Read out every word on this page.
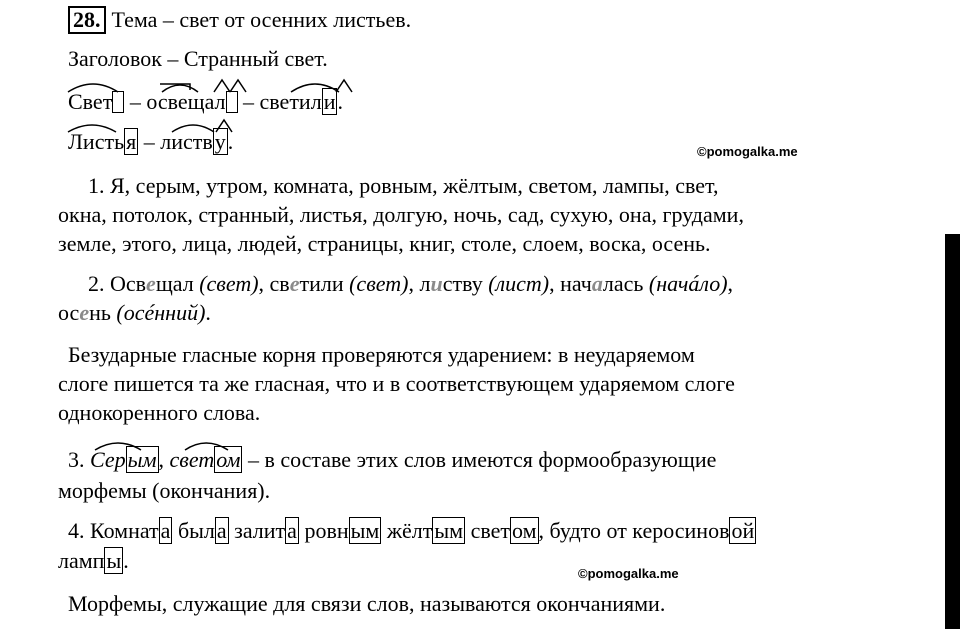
28. Тема – свет от осенних листьев.
Заголовок – Странный свет.
Свет – освещал – светили.
Листья – листву.	©pomogalka.me
1. Я, серым, утром, комната, ровным, жёлтым, светом, лампы, свет,
окна, потолок, странный, листья, долгую, ночь, сад, сухую, она, грудами,
земле, этого, лица, людей, страницы, книг, столе, слоем, воска, осень.
2. Освещал (свет), светили (свет), листву (лист), началась (начáло),
осень (осéнний).
Безударные гласные корня проверяются ударением: в неударяемом
слоге пишется та же гласная, что и в соответствующем ударяемом слоге
однокоренного слова.
3. Серым, светом – в составе этих слов имеются формообразующие
морфемы (окончания).
4. Комната была залита ровным жёлтым светом, будто от керосиновой
лампы.
©pomogalka.me
Морфемы, служащие для связи слов, называются окончаниями.
